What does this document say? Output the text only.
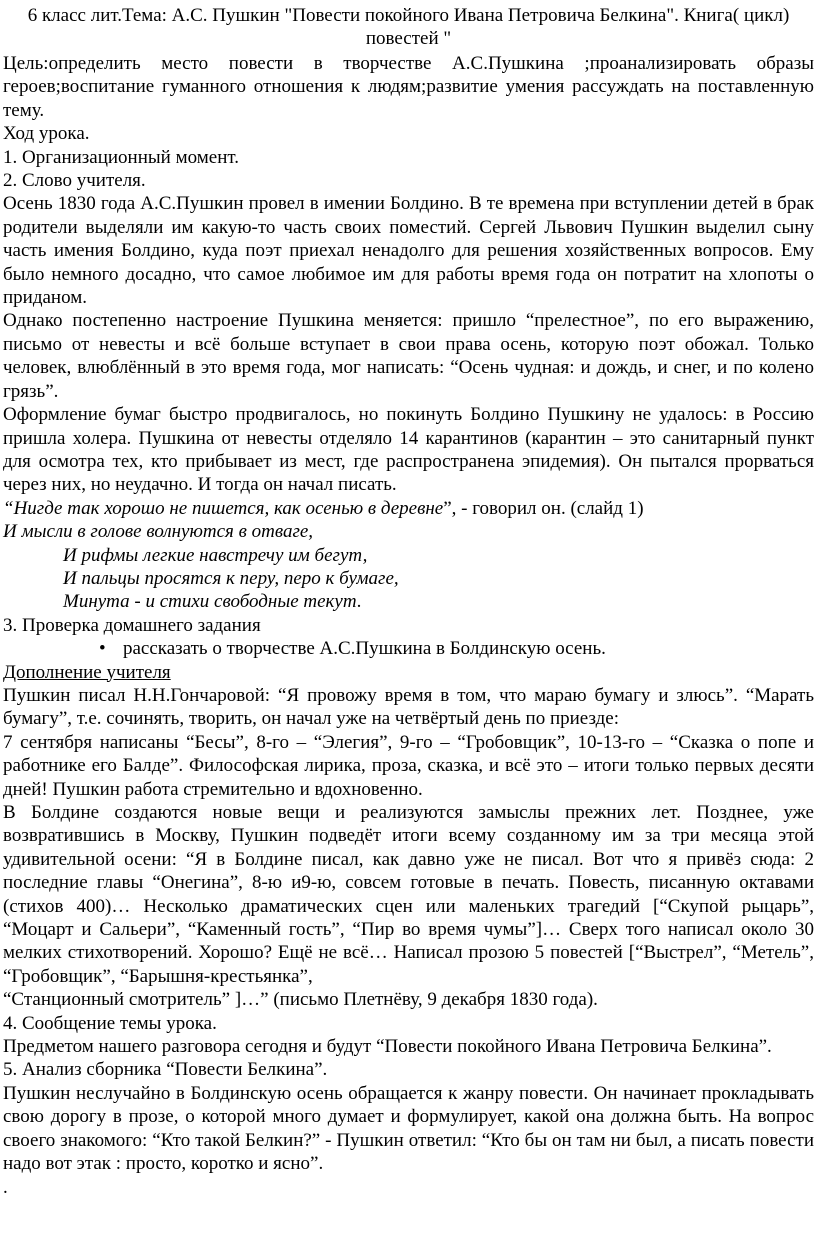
6 класс лит.Тема: А.С. Пушкин "Повести покойного Ивана Петровича Белкина". Книга( цикл) повестей "

Цель:определить место повести в творчестве А.С.Пушкина ;проанализировать образы героев;воспитание гуманного отношения к людям;развитие умения рассуждать на поставленную тему.

Ход урока.

1. Организационный момент.

2. Слово учителя.

Осень 1830 года А.С.Пушкин провел в имении Болдино. В те времена при вступлении детей в брак родители выделяли им какую-то часть своих поместий. Сергей Львович Пушкин выделил сыну часть имения Болдино, куда поэт приехал ненадолго для решения хозяйственных вопросов. Ему было немного досадно, что самое любимое им для работы время года он потратит на хлопоты о приданом.

Однако постепенно настроение Пушкина меняется: пришло “прелестное”, по его выражению, письмо от невесты и всё больше вступает в свои права осень, которую поэт обожал. Только человек, влюблённый в это время года, мог написать: “Осень чудная: и дождь, и снег, и по колено грязь”.

Оформление бумаг быстро продвигалось, но покинуть Болдино Пушкину не удалось: в Россию пришла холера. Пушкина от невесты отделяло 14 карантинов (карантин – это санитарный пункт для осмотра тех, кто прибывает из мест, где распространена эпидемия). Он пытался прорваться через них, но неудачно. И тогда он начал писать.

“Нигде так хорошо не пишется, как осенью в деревне”, - говорил он. (слайд 1)

И мысли в голове волнуются в отваге,

И рифмы легкие навстречу им бегут,

И пальцы просятся к перу, перо к бумаге,

Минута - и стихи свободные текут.

3. Проверка домашнего задания

• рассказать о творчестве А.С.Пушкина в Болдинскую осень.

Дополнение учителя

Пушкин писал Н.Н.Гончаровой: “Я провожу время в том, что мараю бумагу и злюсь”. “Марать бумагу”, т.е. сочинять, творить, он начал уже на четвёртый день по приезде:

7 сентября написаны “Бесы”, 8-го – “Элегия”, 9-го – “Гробовщик”, 10-13-го – “Сказка о попе и работнике его Балде”. Философская лирика, проза, сказка, и всё это – итоги только первых десяти дней! Пушкин работа стремительно и вдохновенно.

В Болдине создаются новые вещи и реализуются замыслы прежних лет. Позднее, уже возвратившись в Москву, Пушкин подведёт итоги всему созданному им за три месяца этой удивительной осени: “Я в Болдине писал, как давно уже не писал. Вот что я привёз сюда: 2 последние главы “Онегина”, 8-ю и9-ю, совсем готовые в печать. Повесть, писанную октавами (стихов 400)… Несколько драматических сцен или маленьких трагедий [“Скупой рыцарь”, “Моцарт и Сальери”, “Каменный гость”, “Пир во время чумы”]… Сверх того написал около 30 мелких стихотворений. Хорошо? Ещё не всё… Написал прозою 5 повестей [“Выстрел”, “Метель”, “Гробовщик”, “Барышня-крестьянка”,

“Станционный смотритель” ]…” (письмо Плетнёву, 9 декабря 1830 года).

4. Сообщение темы урока.

Предметом нашего разговора сегодня и будут “Повести покойного Ивана Петровича Белкина”.

5. Анализ сборника “Повести Белкина”.

Пушкин неслучайно в Болдинскую осень обращается к жанру повести. Он начинает прокладывать свою дорогу в прозе, о которой много думает и формулирует, какой она должна быть. На вопрос своего знакомого: “Кто такой Белкин?” - Пушкин ответил: “Кто бы он там ни был, а писать повести надо вот этак : просто, коротко и ясно”.

.
